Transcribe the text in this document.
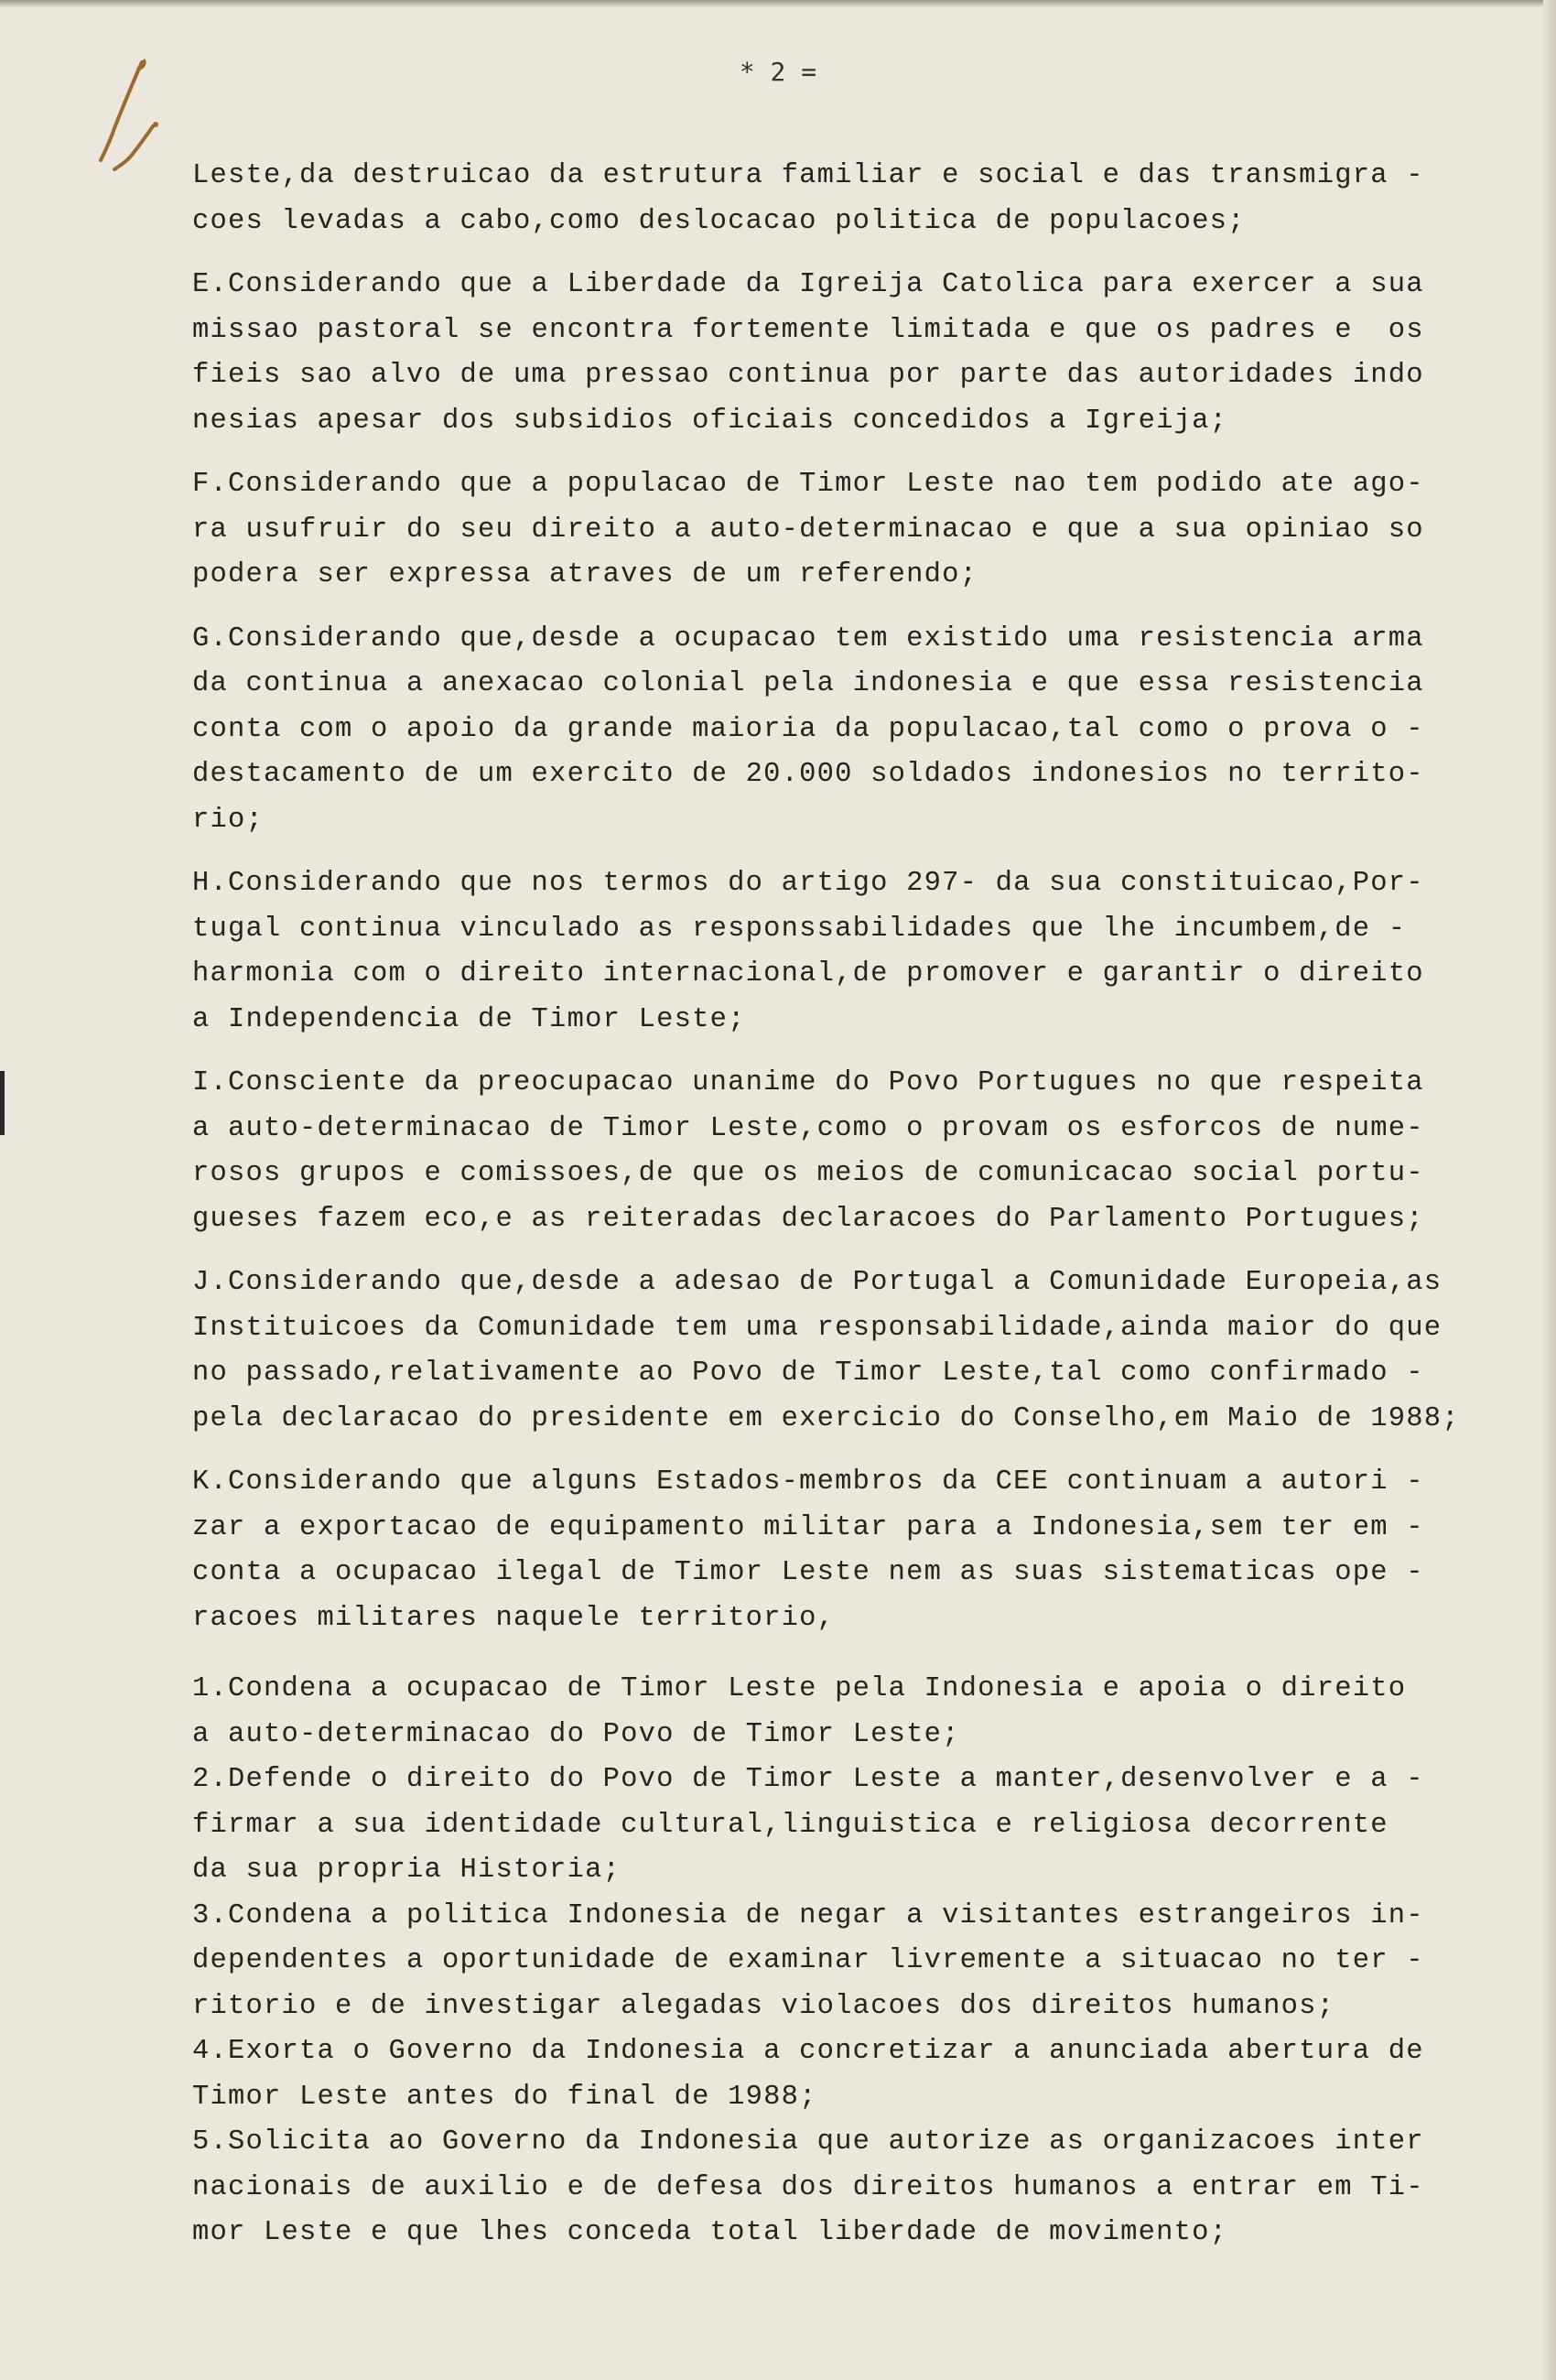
* 2 =

Leste,da destruicao da estrutura familiar e social e das transmigra -

coes levadas a cabo,como deslocacao politica de populacoes;

E.Considerando que a Liberdade da Igreija Catolica para exercer a sua

missao pastoral se encontra fortemente limitada e que os padres e  os

fieis sao alvo de uma pressao continua por parte das autoridades indo

nesias apesar dos subsidios oficiais concedidos a Igreija;

F.Considerando que a populacao de Timor Leste nao tem podido ate ago-

ra usufruir do seu direito a auto-determinacao e que a sua opiniao so

podera ser expressa atraves de um referendo;

G.Considerando que,desde a ocupacao tem existido uma resistencia arma

da continua a anexacao colonial pela indonesia e que essa resistencia

conta com o apoio da grande maioria da populacao,tal como o prova o -

destacamento de um exercito de 20.000 soldados indonesios no territo-

rio;

H.Considerando que nos termos do artigo 297- da sua constituicao,Por-

tugal continua vinculado as responssabilidades que lhe incumbem,de -

harmonia com o direito internacional,de promover e garantir o direito

a Independencia de Timor Leste;

I.Consciente da preocupacao unanime do Povo Portugues no que respeita

a auto-determinacao de Timor Leste,como o provam os esforcos de nume-

rosos grupos e comissoes,de que os meios de comunicacao social portu-

gueses fazem eco,e as reiteradas declaracoes do Parlamento Portugues;

J.Considerando que,desde a adesao de Portugal a Comunidade Europeia,as

Instituicoes da Comunidade tem uma responsabilidade,ainda maior do que

no passado,relativamente ao Povo de Timor Leste,tal como confirmado -

pela declaracao do presidente em exercicio do Conselho,em Maio de 1988;

K.Considerando que alguns Estados-membros da CEE continuam a autori -

zar a exportacao de equipamento militar para a Indonesia,sem ter em -

conta a ocupacao ilegal de Timor Leste nem as suas sistematicas ope -

racoes militares naquele territorio,

1.Condena a ocupacao de Timor Leste pela Indonesia e apoia o direito

a auto-determinacao do Povo de Timor Leste;

2.Defende o direito do Povo de Timor Leste a manter,desenvolver e a -

firmar a sua identidade cultural,linguistica e religiosa decorrente

da sua propria Historia;

3.Condena a politica Indonesia de negar a visitantes estrangeiros in-

dependentes a oportunidade de examinar livremente a situacao no ter -

ritorio e de investigar alegadas violacoes dos direitos humanos;

4.Exorta o Governo da Indonesia a concretizar a anunciada abertura de

Timor Leste antes do final de 1988;

5.Solicita ao Governo da Indonesia que autorize as organizacoes inter

nacionais de auxilio e de defesa dos direitos humanos a entrar em Ti-

mor Leste e que lhes conceda total liberdade de movimento;
